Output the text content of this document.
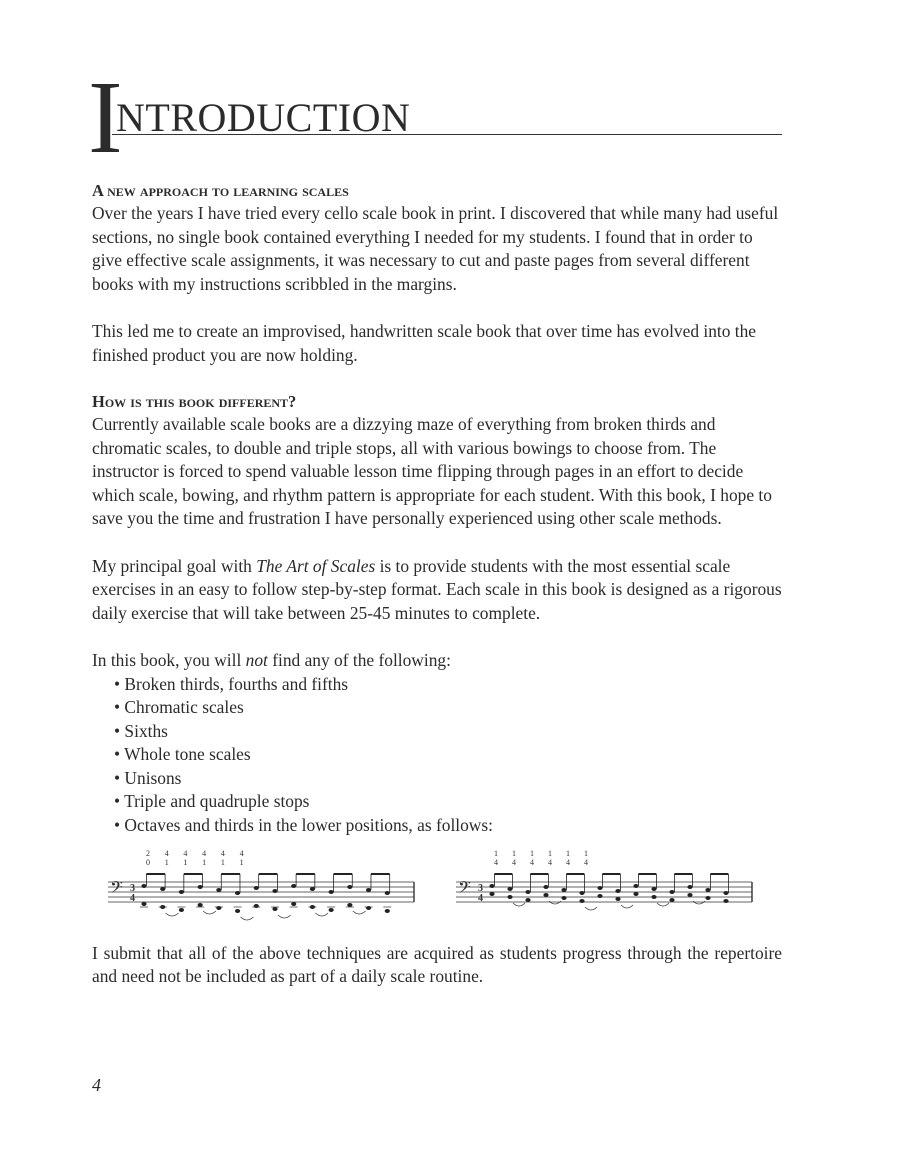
I
NTRODUCTION

A new approach to learning scales

Over the years I have tried every cello scale book in print. I discovered that while many had useful sections, no single book contained everything I needed for my students. I found that in order to give effective scale assignments, it was necessary to cut and paste pages from several different books with my instructions scribbled in the margins.

This led me to create an improvised, handwritten scale book that over time has evolved into the finished product you are now holding.

How is this book different?

Currently available scale books are a dizzying maze of everything from broken thirds and chromatic scales, to double and triple stops, all with various bowings to choose from. The instructor is forced to spend valuable lesson time flipping through pages in an effort to decide which scale, bowing, and rhythm pattern is appropriate for each student. With this book, I hope to save you the time and frustration I have personally experienced using other scale methods.

My principal goal with The Art of Scales is to provide students with the most essential scale exercises in an easy to follow step-by-step format. Each scale in this book is designed as a rigorous daily exercise that will take between 25-45 minutes to complete.

In this book, you will not find any of the following:

• Broken thirds, fourths and fifths
• Chromatic scales
• Sixths
• Whole tone scales
• Unisons
• Triple and quadruple stops
• Octaves and thirds in the lower positions, as follows:
𝄢 3
4
2
0
4
1
4
1
4
1
4
1
4
1
𝄢 3
4
1
4
1
4
1
4
1
4
1
4
1
4

I submit that all of the above techniques are acquired as students progress through the repertoire and need not be included as part of a daily scale routine.

4
